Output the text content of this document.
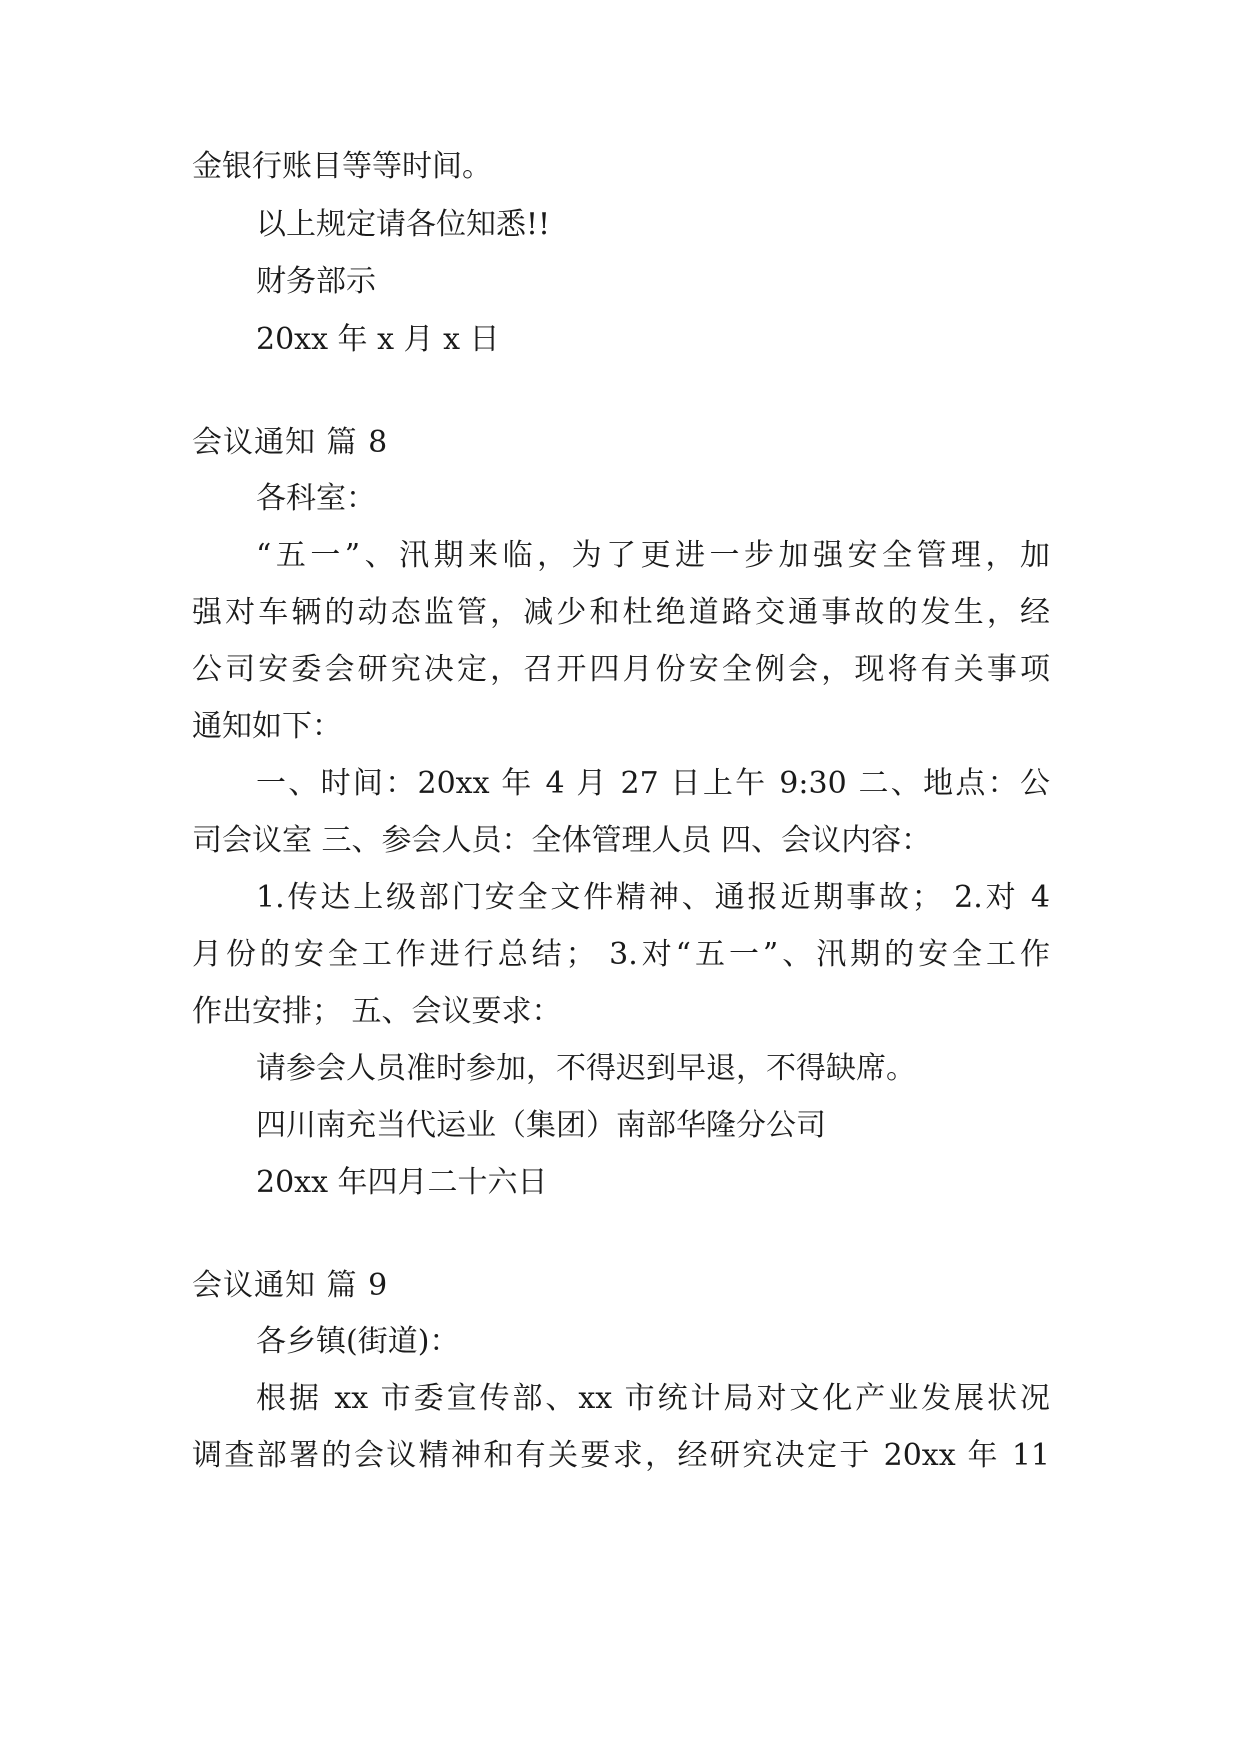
金银行账目等等时间。

以上规定请各位知悉!!

财务部示

20xx 年 x 月 x 日

会议通知 篇 8

各科室：

“五一”、汛期来临，为了更进一步加强安全管理，加

强对车辆的动态监管，减少和杜绝道路交通事故的发生，经

公司安委会研究决定，召开四月份安全例会，现将有关事项

通知如下：

一、时间：20xx 年 4 月 27 日上午 9:30 二、地点：公

司会议室 三、参会人员：全体管理人员 四、会议内容：

1.传达上级部门安全文件精神、通报近期事故； 2.对 4

月份的安全工作进行总结； 3.对“五一”、汛期的安全工作

作出安排； 五、会议要求：

请参会人员准时参加，不得迟到早退，不得缺席。

四川南充当代运业（集团）南部华隆分公司

20xx 年四月二十六日

会议通知 篇 9

各乡镇(街道)：

根据 xx 市委宣传部、xx 市统计局对文化产业发展状况

调查部署的会议精神和有关要求，经研究决定于 20xx 年 11
